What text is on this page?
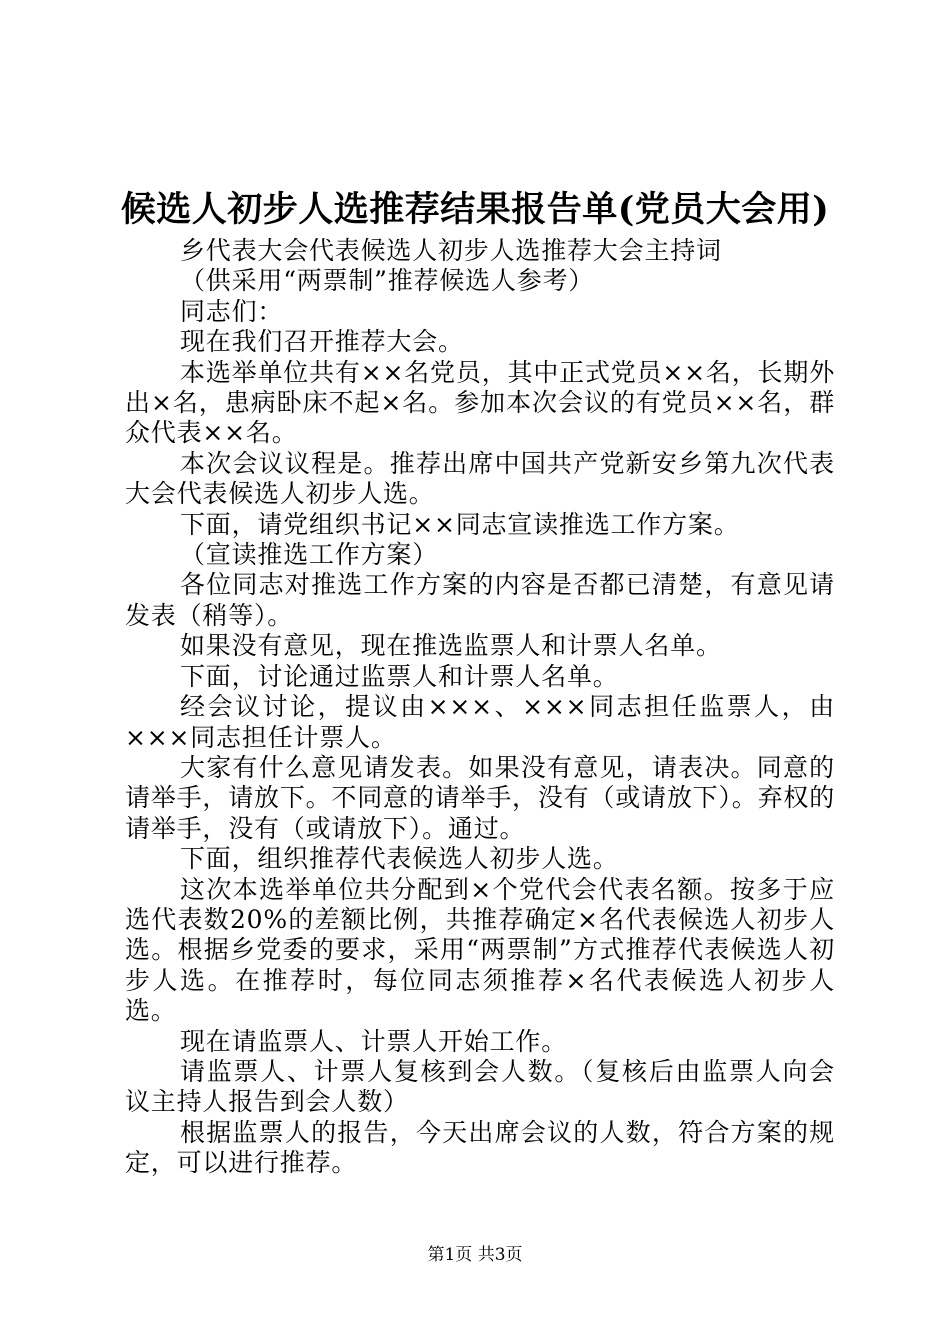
候选人初步人选推荐结果报告单(党员大会用)

乡代表大会代表候选人初步人选推荐大会主持词

（供采用“两票制”推荐候选人参考）

同志们：

现在我们召开推荐大会。

本选举单位共有××名党员，其中正式党员××名，长期外出×名，患病卧床不起×名。参加本次会议的有党员××名，群众代表××名。

本次会议议程是。推荐出席中国共产党新安乡第九次代表大会代表候选人初步人选。

下面，请党组织书记××同志宣读推选工作方案。

（宣读推选工作方案）

各位同志对推选工作方案的内容是否都已清楚，有意见请发表（稍等）。

如果没有意见，现在推选监票人和计票人名单。

下面，讨论通过监票人和计票人名单。

经会议讨论，提议由×××、×××同志担任监票人，由×××同志担任计票人。

大家有什么意见请发表。如果没有意见，请表决。同意的请举手，请放下。不同意的请举手，没有（或请放下）。弃权的请举手，没有（或请放下）。通过。

下面，组织推荐代表候选人初步人选。

这次本选举单位共分配到×个党代会代表名额。按多于应选代表数20%的差额比例，共推荐确定×名代表候选人初步人选。根据乡党委的要求，采用“两票制”方式推荐代表候选人初步人选。在推荐时，每位同志须推荐×名代表候选人初步人选。

现在请监票人、计票人开始工作。

请监票人、计票人复核到会人数。（复核后由监票人向会议主持人报告到会人数）

根据监票人的报告，今天出席会议的人数，符合方案的规定，可以进行推荐。

第1页 共3页
